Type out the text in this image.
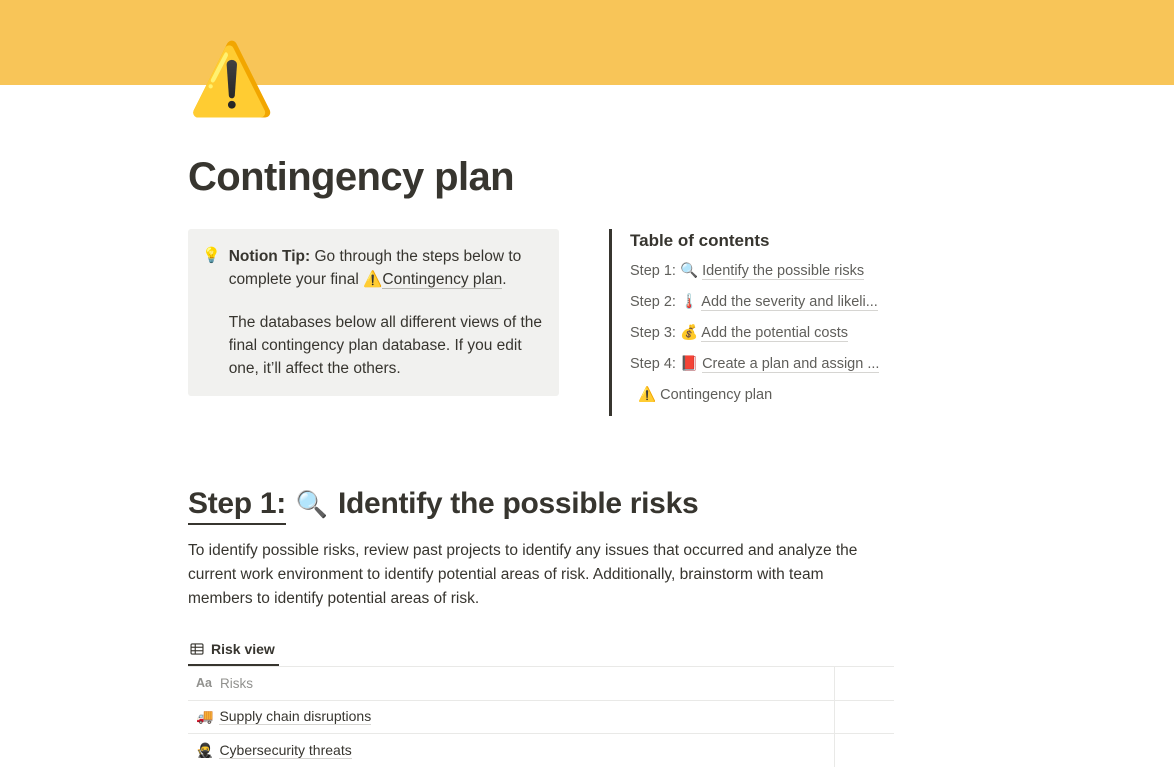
⚠️
Contingency plan
💡 Notion Tip: Go through the steps below to complete your final ⚠️Contingency plan.

The databases below all different views of the final contingency plan database. If you edit one, it’ll affect the others.

Table of contents
Step 1: 🔍 Identify the possible risks
Step 2: 🌡️ Add the severity and likeli...
Step 3: 💰 Add the potential costs
Step 4: 📕 Create a plan and assign ...
⚠️ Contingency plan
Step 1: 🔍 Identify the possible risks
To identify possible risks, review past projects to identify any issues that occurred and analyze the current work environment to identify potential areas of risk. Additionally, brainstorm with team members to identify potential areas of risk.
Risk view
Aa Risks
🚚 Supply chain disruptions
🥷 Cybersecurity threats
